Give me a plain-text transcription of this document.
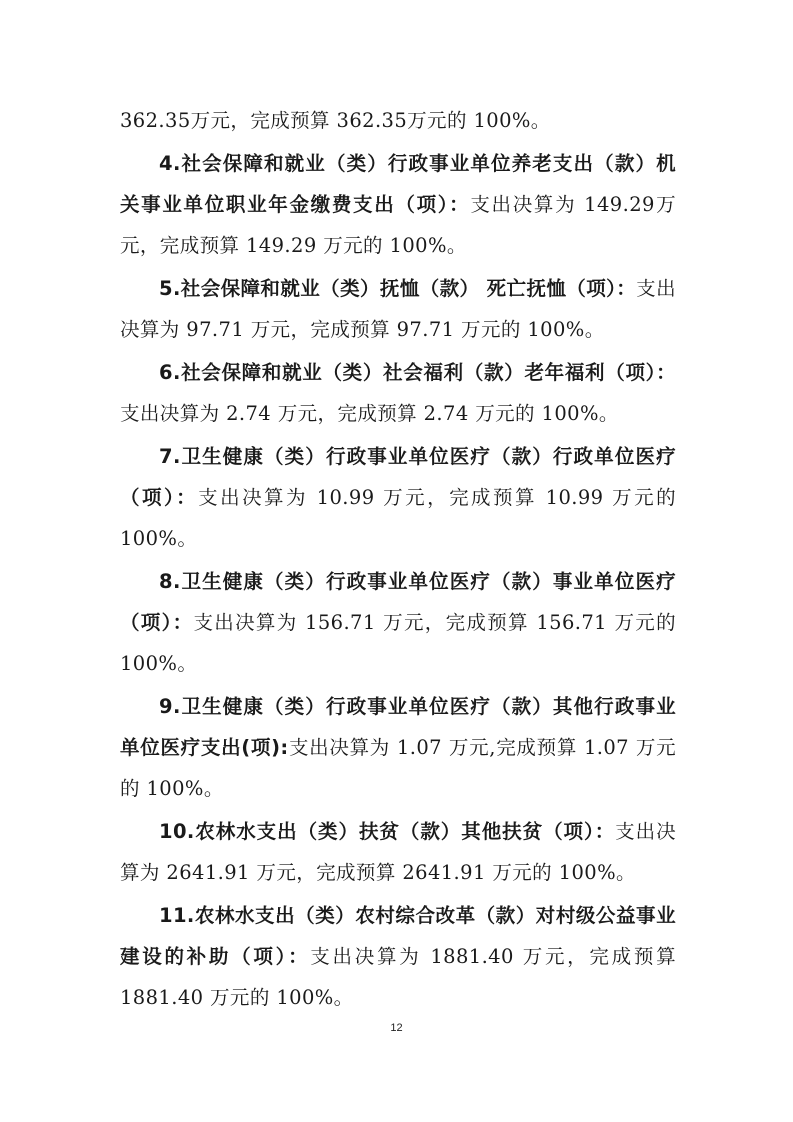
362.35万元，完成预算 362.35万元的 100%。

4.社会保障和就业（类）行政事业单位养老支出（款）机关事业单位职业年金缴费支出（项）：支出决算为 149.29万元，完成预算 149.29 万元的 100%。

5.社会保障和就业（类）抚恤（款） 死亡抚恤（项）：支出决算为 97.71 万元，完成预算 97.71 万元的 100%。

6.社会保障和就业（类）社会福利（款）老年福利（项）：支出决算为 2.74 万元，完成预算 2.74 万元的 100%。

7.卫生健康（类）行政事业单位医疗（款）行政单位医疗（项）：支出决算为 10.99 万元，完成预算 10.99 万元的 100%。

8.卫生健康（类）行政事业单位医疗（款）事业单位医疗（项）：支出决算为 156.71 万元，完成预算 156.71 万元的 100%。

9.卫生健康（类）行政事业单位医疗（款）其他行政事业单位医疗支出(项):支出决算为 1.07 万元,完成预算 1.07 万元的 100%。

10.农林水支出（类）扶贫（款）其他扶贫（项）：支出决算为 2641.91 万元，完成预算 2641.91 万元的 100%。

11.农林水支出（类）农村综合改革（款）对村级公益事业建设的补助（项）：支出决算为 1881.40 万元，完成预算 1881.40 万元的 100%。

12
